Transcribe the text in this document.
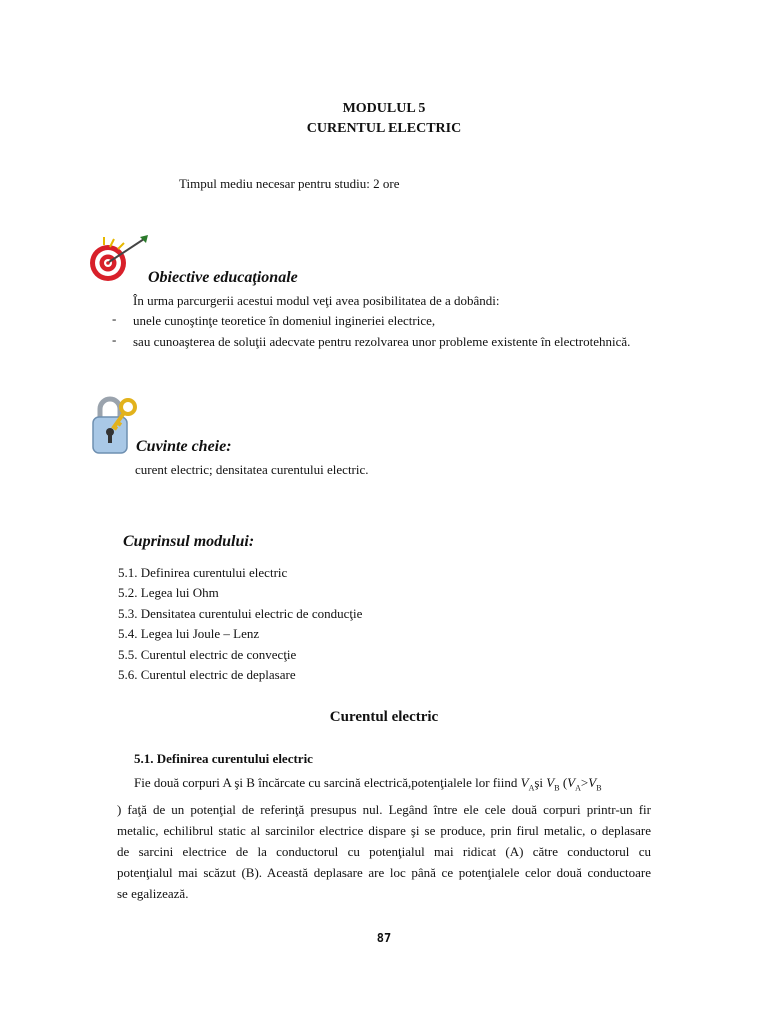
MODULUL 5
CURENTUL ELECTRIC
Timpul mediu necesar pentru studiu: 2 ore
Obiective educaţionale
În urma parcurgerii acestui modul veţi avea posibilitatea de a dobândi:
- unele cunoştinţe teoretice în domeniul ingineriei electrice,
- sau cunoaşterea de soluţii adecvate pentru rezolvarea unor probleme existente în electrotehnică.
Cuvinte cheie:
curent electric; densitatea curentului electric.
Cuprinsul modului:
5.1. Definirea curentului electric
5.2. Legea lui Ohm
5.3. Densitatea curentului electric de conducţie
5.4. Legea lui Joule – Lenz
5.5. Curentul electric de convecţie
5.6. Curentul electric de deplasare
Curentul electric
5.1. Definirea curentului electric
Fie două corpuri A şi B încărcate cu sarcină electrică,potenţialele lor fiind $V_Aşi$ $V_B$ ($V_A>V_B$
) faţă de un potenţial de referinţă presupus nul. Legând între ele cele două corpuri printr-un fir
metalic, echilibrul static al sarcinilor electrice dispare şi se produce, prin firul metalic, o deplasare
de sarcini electrice de la conductorul cu potenţialul mai ridicat (A) către conductorul cu
potenţialul mai scăzut (B). Această deplasare are loc până ce potenţialele celor două conductoare
se egalizează.
87
